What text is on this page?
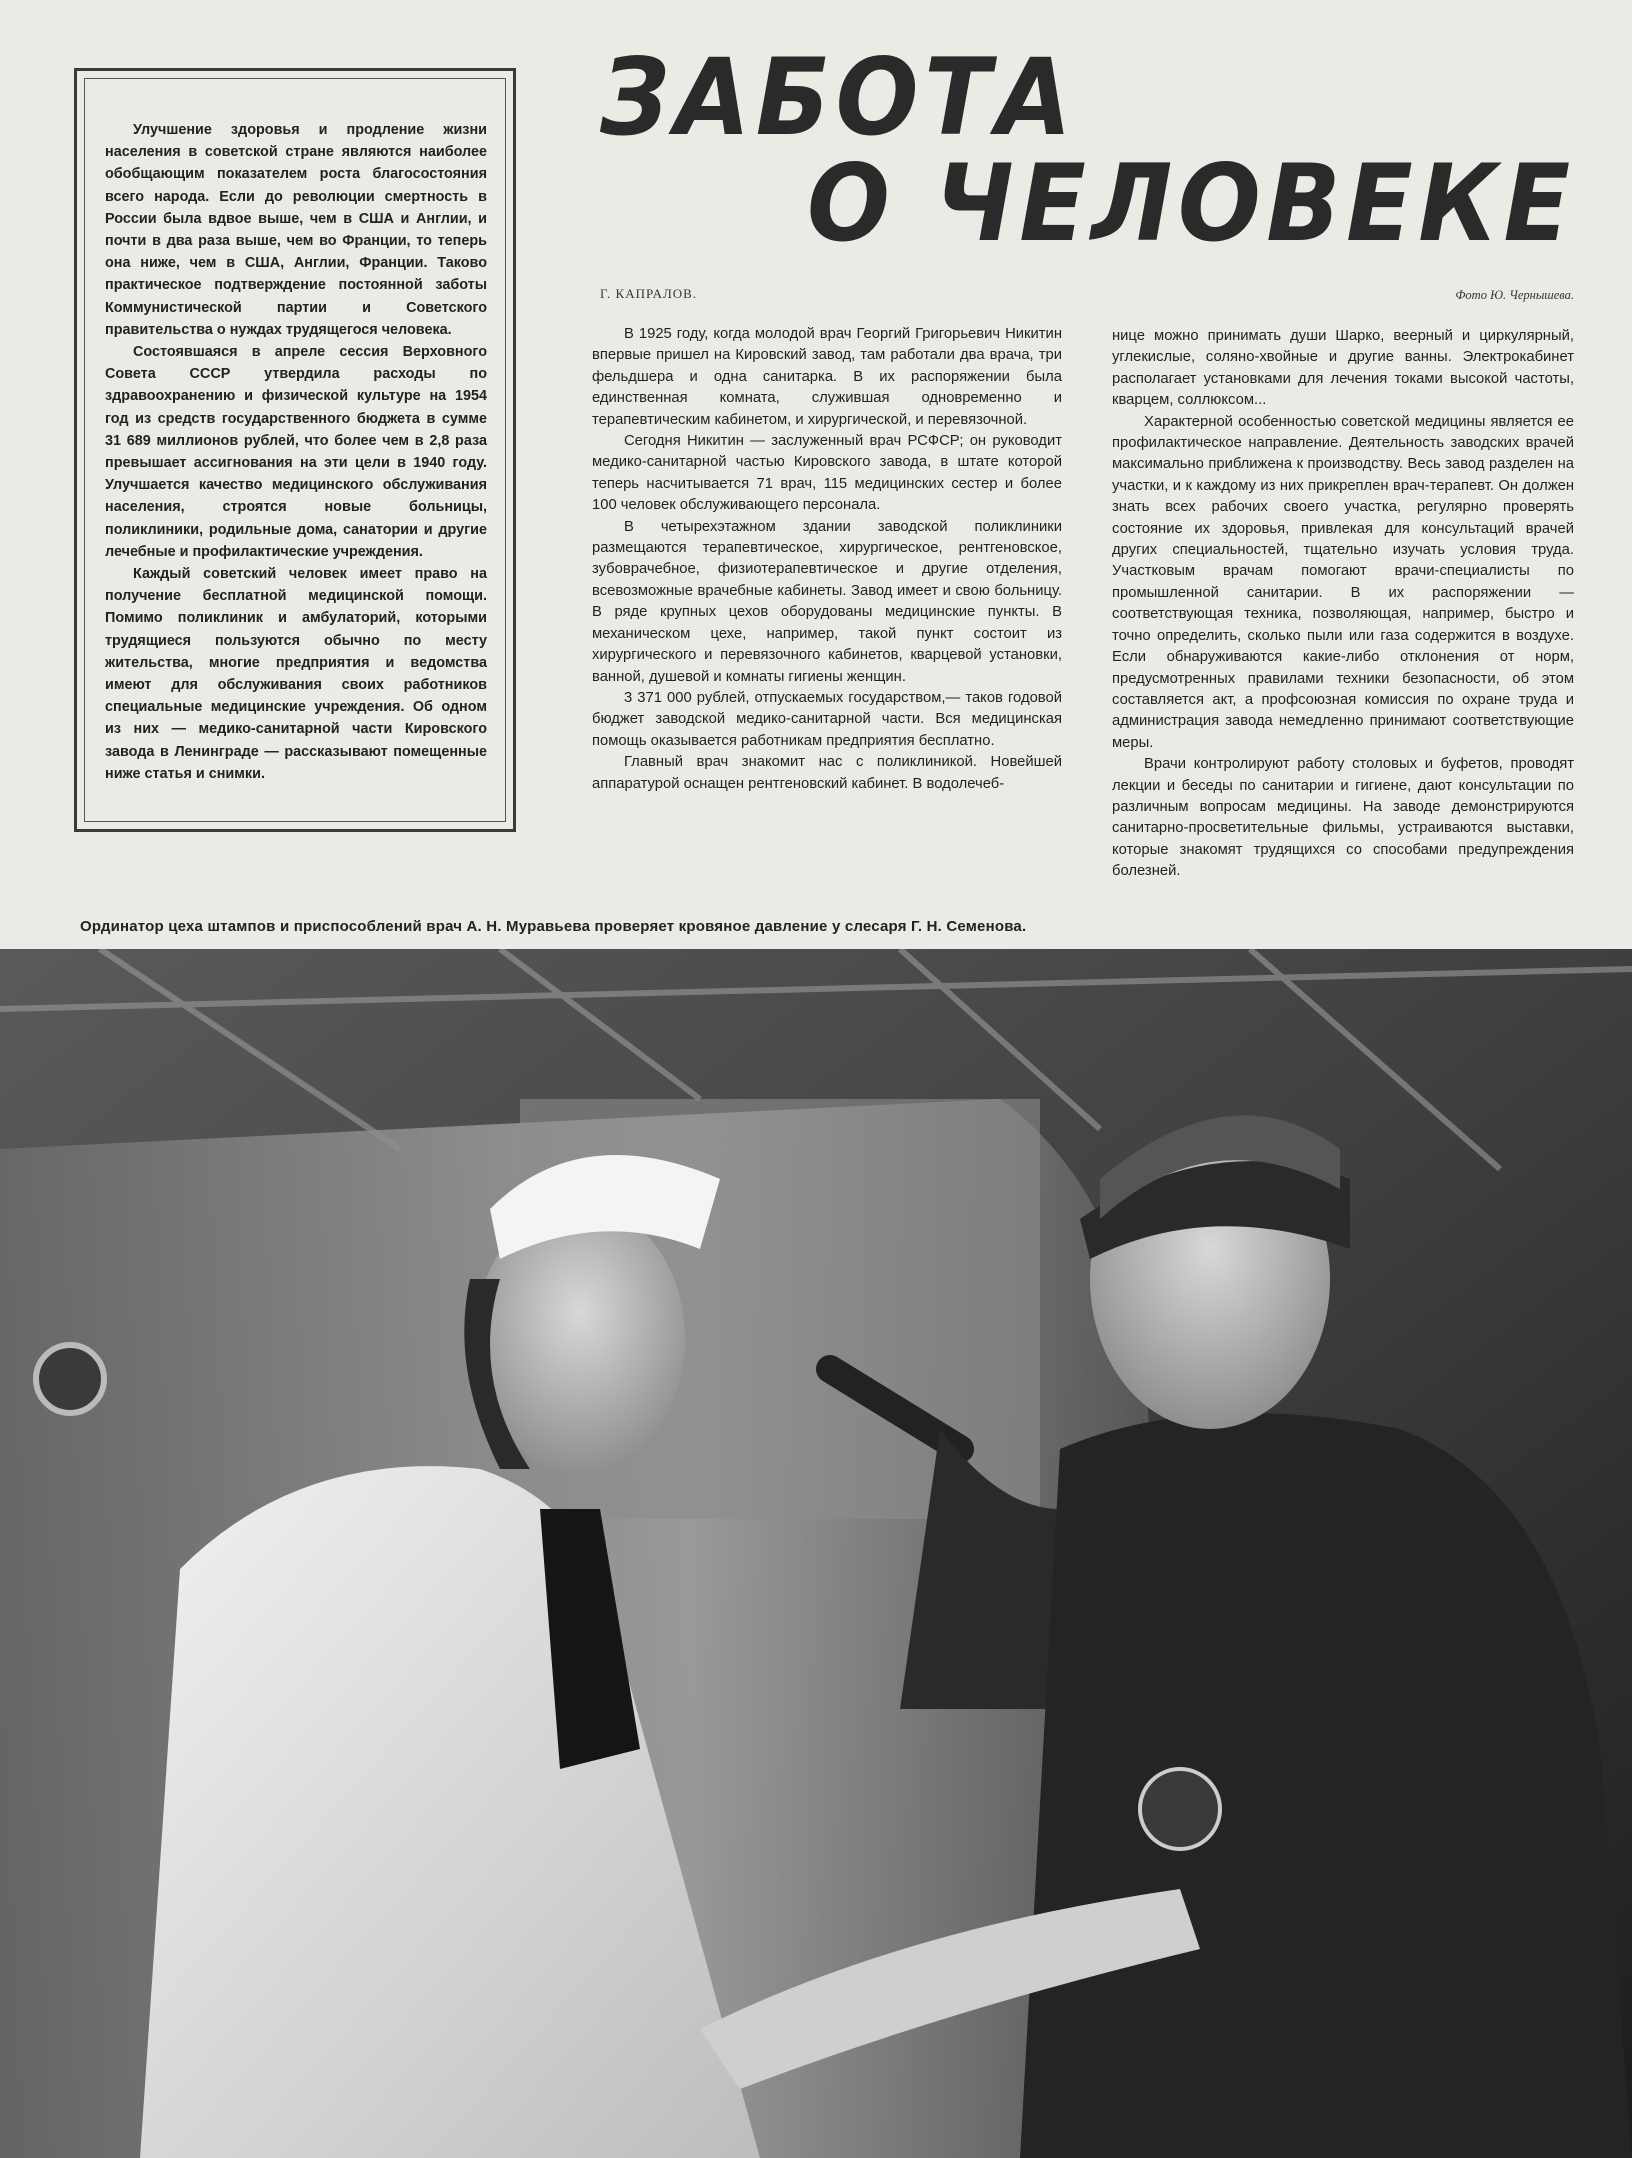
Улучшение здоровья и продление жизни населения в советской стране являются наиболее обобщающим показателем роста благосостояния всего народа. Если до революции смертность в России была вдвое выше, чем в США и Англии, и почти в два раза выше, чем во Франции, то теперь она ниже, чем в США, Англии, Франции. Таково практическое подтверждение постоянной заботы Коммунистической партии и Советского правительства о нуждах трудящегося человека.

Состоявшаяся в апреле сессия Верховного Совета СССР утвердила расходы по здравоохранению и физической культуре на 1954 год из средств государственного бюджета в сумме 31 689 миллионов рублей, что более чем в 2,8 раза превышает ассигнования на эти цели в 1940 году. Улучшается качество медицинского обслуживания населения, строятся новые больницы, поликлиники, родильные дома, санатории и другие лечебные и профилактические учреждения.

Каждый советский человек имеет право на получение бесплатной медицинской помощи. Помимо поликлиник и амбулаторий, которыми трудящиеся пользуются обычно по месту жительства, многие предприятия и ведомства имеют для обслуживания своих работников специальные медицинские учреждения. Об одном из них — медико-санитарной части Кировского завода в Ленинграде — рассказывают помещенные ниже статья и снимки.

ЗАБОТА
О ЧЕЛОВЕКЕ
Г. КАПРАЛОВ.	Фото Ю. Чернышева.

В 1925 году, когда молодой врач Георгий Григорьевич Никитин впервые пришел на Кировский завод, там работали два врача, три фельдшера и одна санитарка. В их распоряжении была единственная комната, служившая одновременно и терапевтическим кабинетом, и хирургической, и перевязочной.

Сегодня Никитин — заслуженный врач РСФСР; он руководит медико-санитарной частью Кировского завода, в штате которой теперь насчитывается 71 врач, 115 медицинских сестер и более 100 человек обслуживающего персонала.

В четырехэтажном здании заводской поликлиники размещаются терапевтическое, хирургическое, рентгеновское, зубоврачебное, физиотерапевтическое и другие отделения, всевозможные врачебные кабинеты. Завод имеет и свою больницу. В ряде крупных цехов оборудованы медицинские пункты. В механическом цехе, например, такой пункт состоит из хирургического и перевязочного кабинетов, кварцевой установки, ванной, душевой и комнаты гигиены женщин.

3 371 000 рублей, отпускаемых государством,— таков годовой бюджет заводской медико-санитарной части. Вся медицинская помощь оказывается работникам предприятия бесплатно.

Главный врач знакомит нас с поликлиникой. Новейшей аппаратурой оснащен рентгеновский кабинет. В водолечеб-

нице можно принимать души Шарко, веерный и циркулярный, углекислые, соляно-хвойные и другие ванны. Электрокабинет располагает установками для лечения токами высокой частоты, кварцем, соллюксом...

Характерной особенностью советской медицины является ее профилактическое направление. Деятельность заводских врачей максимально приближена к производству. Весь завод разделен на участки, и к каждому из них прикреплен врач-терапевт. Он должен знать всех рабочих своего участка, регулярно проверять состояние их здоровья, привлекая для консультаций врачей других специальностей, тщательно изучать условия труда. Участковым врачам помогают врачи-специалисты по промышленной санитарии. В их распоряжении — соответствующая техника, позволяющая, например, быстро и точно определить, сколько пыли или газа содержится в воздухе. Если обнаруживаются какие-либо отклонения от норм, предусмотренных правилами техники безопасности, об этом составляется акт, а профсоюзная комиссия по охране труда и администрация завода немедленно принимают соответствующие меры.

Врачи контролируют работу столовых и буфетов, проводят лекции и беседы по санитарии и гигиене, дают консультации по различным вопросам медицины. На заводе демонстрируются санитарно-просветительные фильмы, устраиваются выставки, которые знакомят трудящихся со способами предупреждения болезней.

Ординатор цеха штампов и приспособлений врач А. Н. Муравьева проверяет кровяное давление у слесаря Г. Н. Семенова.
